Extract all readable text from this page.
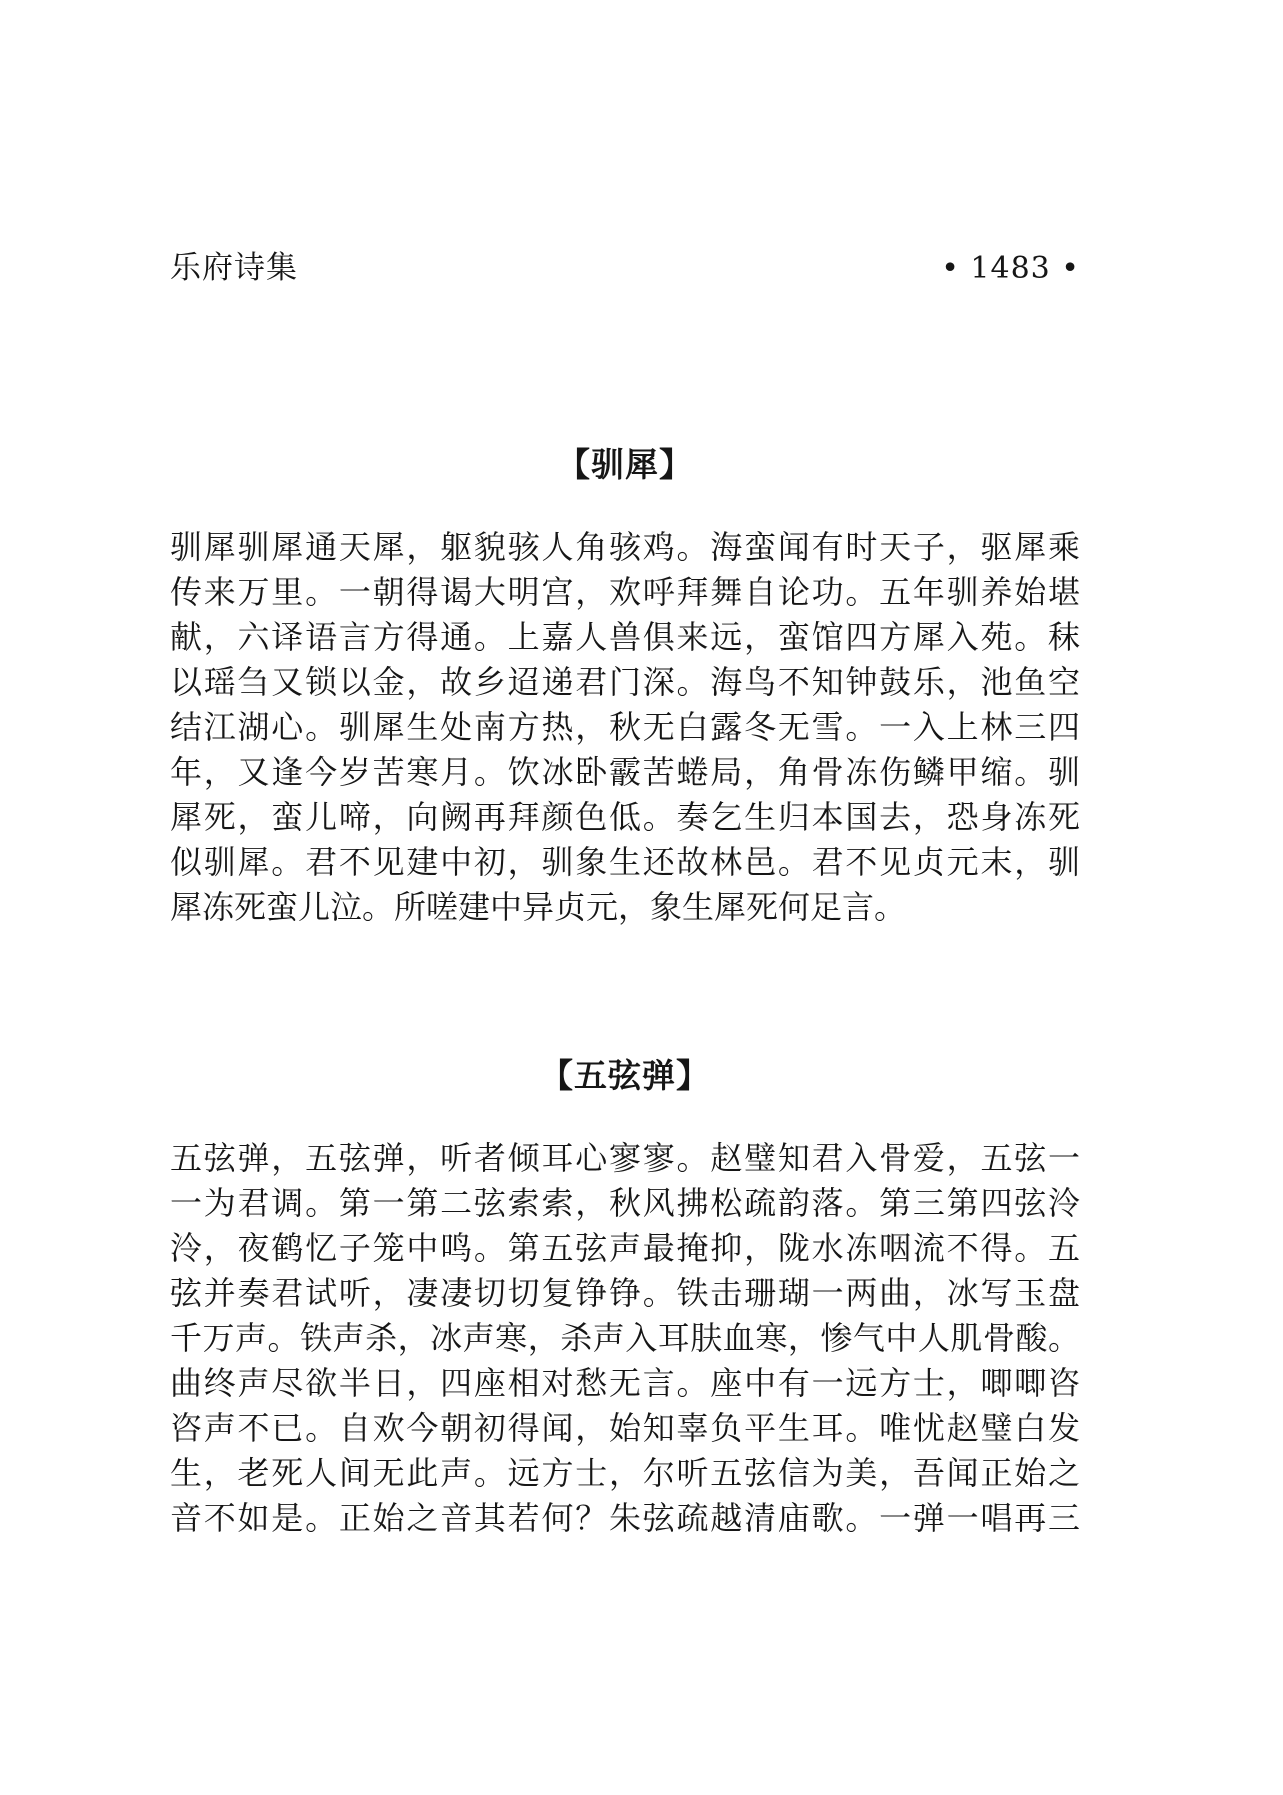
乐府诗集	• 1483 •
【驯犀】
驯犀驯犀通天犀，躯貌骇人角骇鸡。海蛮闻有时天子，驱犀乘
传来万里。一朝得谒大明宫，欢呼拜舞自论功。五年驯养始堪
献，六译语言方得通。上嘉人兽俱来远，蛮馆四方犀入苑。秣
以瑶刍又锁以金，故乡迢递君门深。海鸟不知钟鼓乐，池鱼空
结江湖心。驯犀生处南方热，秋无白露冬无雪。一入上林三四
年，又逢今岁苦寒月。饮冰卧霰苦蜷局，角骨冻伤鳞甲缩。驯
犀死，蛮儿啼，向阙再拜颜色低。奏乞生归本国去，恐身冻死
似驯犀。君不见建中初，驯象生还故林邑。君不见贞元末，驯
犀冻死蛮儿泣。所嗟建中异贞元，象生犀死何足言。
【五弦弹】
五弦弹，五弦弹，听者倾耳心寥寥。赵璧知君入骨爱，五弦一
一为君调。第一第二弦索索，秋风拂松疏韵落。第三第四弦泠
泠，夜鹤忆子笼中鸣。第五弦声最掩抑，陇水冻咽流不得。五
弦并奏君试听，凄凄切切复铮铮。铁击珊瑚一两曲，冰写玉盘
千万声。铁声杀，冰声寒，杀声入耳肤血寒，惨气中人肌骨酸。
曲终声尽欲半日，四座相对愁无言。座中有一远方士，唧唧咨
咨声不已。自欢今朝初得闻，始知辜负平生耳。唯忧赵璧白发
生，老死人间无此声。远方士，尔听五弦信为美，吾闻正始之
音不如是。正始之音其若何？朱弦疏越清庙歌。一弹一唱再三
